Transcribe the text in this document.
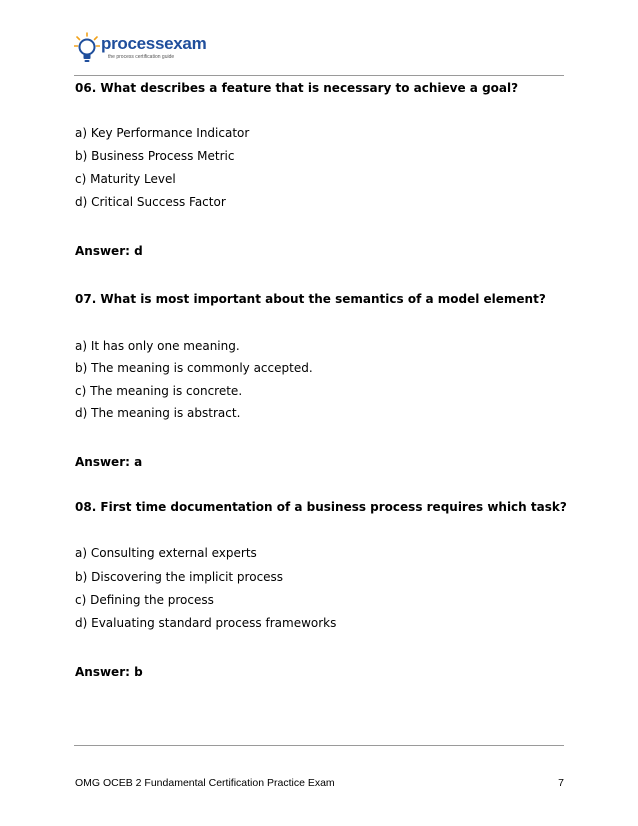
processexam
the process certification guide
06. What describes a feature that is necessary to achieve a goal?
a) Key Performance Indicator
b) Business Process Metric
c) Maturity Level
d) Critical Success Factor
Answer: d
07. What is most important about the semantics of a model element?
a) It has only one meaning.
b) The meaning is commonly accepted.
c) The meaning is concrete.
d) The meaning is abstract.
Answer: a
08. First time documentation of a business process requires which task?
a) Consulting external experts
b) Discovering the implicit process
c) Defining the process
d) Evaluating standard process frameworks
Answer: b
OMG OCEB 2 Fundamental Certification Practice Exam	7
